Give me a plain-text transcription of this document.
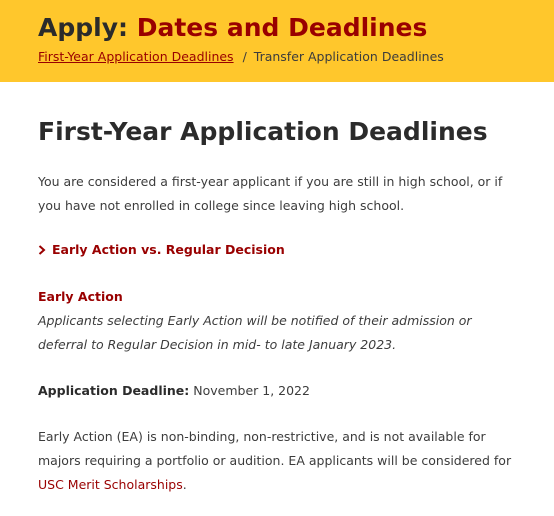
Apply: Dates and Deadlines
First-Year Application Deadlines / Transfer Application Deadlines
First-Year Application Deadlines

You are considered a first-year applicant if you are still in high school, or if you have not enrolled in college since leaving high school.

Early Action vs. Regular Decision
Early Action

Applicants selecting Early Action will be notified of their admission or deferral to Regular Decision in mid- to late January 2023.

Application Deadline: November 1, 2022

Early Action (EA) is non-binding, non-restrictive, and is not available for majors requiring a portfolio or audition. EA applicants will be considered for USC Merit Scholarships.
